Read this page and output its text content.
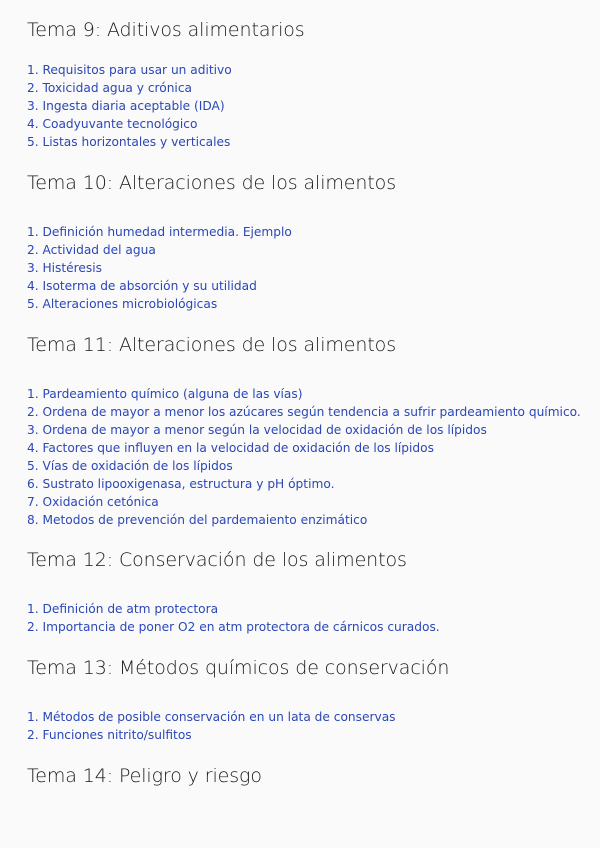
Tema 9: Aditivos alimentarios
1. Requisitos para usar un aditivo
2. Toxicidad agua y crónica
3. Ingesta diaria aceptable (IDA)
4. Coadyuvante tecnológico
5. Listas horizontales y verticales
Tema 10: Alteraciones de los alimentos
1. Definición humedad intermedia. Ejemplo
2. Actividad del agua
3. Histéresis
4. Isoterma de absorción y su utilidad
5. Alteraciones microbiológicas
Tema 11: Alteraciones de los alimentos
1. Pardeamiento químico (alguna de las vías)
2. Ordena de mayor a menor los azúcares según tendencia a sufrir pardeamiento químico.
3. Ordena de mayor a menor según la velocidad de oxidación de los lípidos
4. Factores que influyen en la velocidad de oxidación de los lípidos
5. Vías de oxidación de los lípidos
6. Sustrato lipooxigenasa, estructura y pH óptimo.
7. Oxidación cetónica
8. Metodos de prevención del pardemaiento enzimático
Tema 12: Conservación de los alimentos
1. Definición de atm protectora
2. Importancia de poner O2 en atm protectora de cárnicos curados.
Tema 13: Métodos químicos de conservación
1. Métodos de posible conservación en un lata de conservas
2. Funciones nitrito/sulfitos
Tema 14: Peligro y riesgo
